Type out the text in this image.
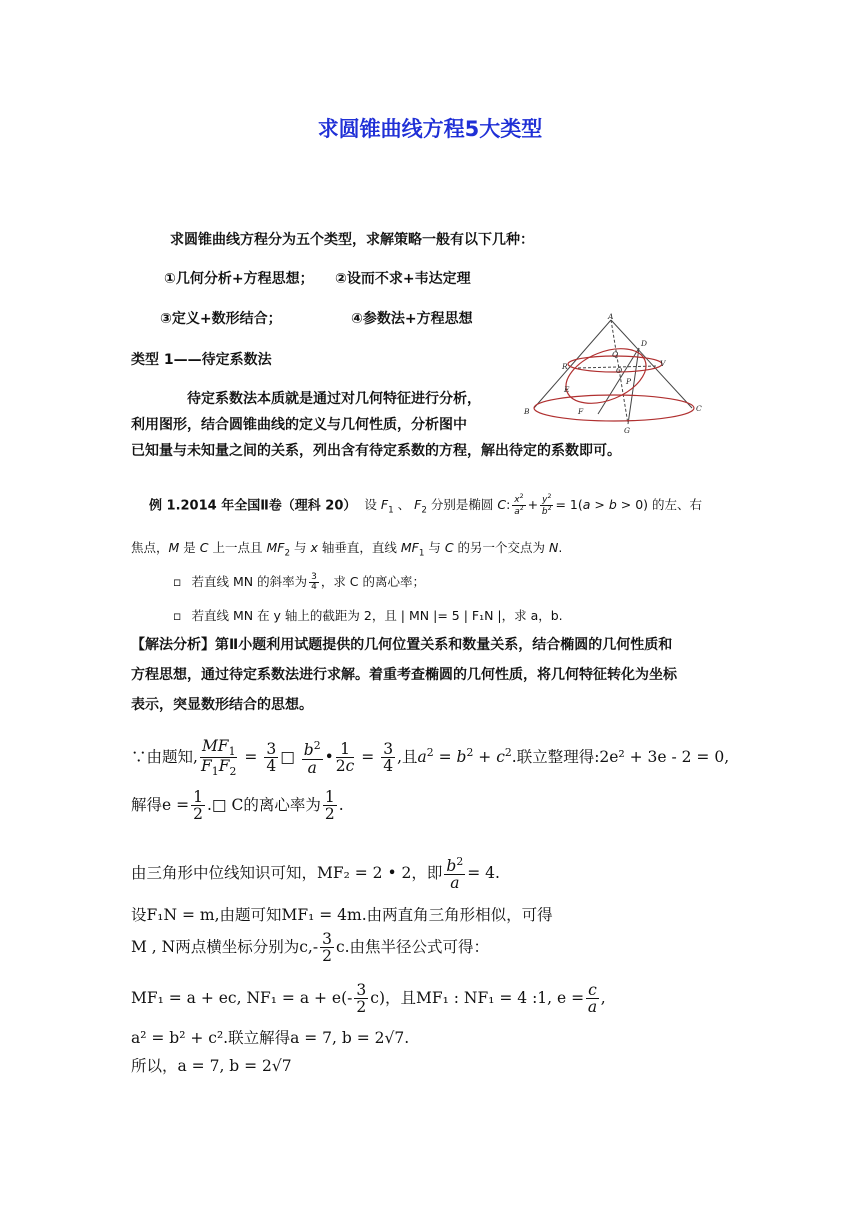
求圆锥曲线方程5大类型
求圆锥曲线方程分为五个类型，求解策略一般有以下几种：
①几何分析+方程思想； ②设而不求+韦达定理
③定义+数形结合；	④参数法+方程思想
类型 1——待定系数法
待定系数法本质就是通过对几何特征进行分析，
利用图形，结合圆锥曲线的定义与几何性质，分析图中
已知量与未知量之间的关系，列出含有待定系数的方程，解出待定的系数即可。
A
D
Q
V
R	O
P
E
B	F	C
G
例 1.2014 年全国Ⅱ卷（理科 20） 设 $F_1$ 、 $F_2$ 分别是椭圆 C: $\frac{x^2}{a^2} + \frac{y^2}{b^2} = 1(a > b > 0)$ 的左、右
焦点，M 是 C 上一点且 $MF_2$ 与 x 轴垂直，直线 $MF_1$ 与 C 的另一个交点为 N.
▫ 若直线 MN 的斜率为 $\frac{3}{4}$ ，求 C 的离心率；
▫ 若直线 MN 在 y 轴上的截距为 2，且 | MN |= 5 | F₁N |，求 a，b.
【解法分析】第Ⅱ小题利用试题提供的几何位置关系和数量关系，结合椭圆的几何性质和
方程思想，通过待定系数法进行求解。着重考查椭圆的几何性质，将几何特征转化为坐标
表示，突显数形结合的思想。
∵由题知, $\frac{MF_1}{F_1F_2} = \frac{3}{4}$ □ $\frac{b^2}{a}$ • $\frac{1}{2c} = \frac{3}{4}$ ,且$a^2 = b^2 + c^2$.联立整理得:2e² + 3e - 2 = 0,
解得$e = \frac{1}{2}$ .□ C的离心率为 $\frac{1}{2}$ .
由三角形中位线知识可知，MF₂ = 2 • 2，即 $\frac{b^2}{a} = 4$.
设F₁N = m,由题可知MF₁ = 4m.由两直角三角形相似，可得
M , N两点横坐标分别为$c,- \frac{3}{2} c$.由焦半径公式可得：
MF₁ = a + ec, $NF_1 = a + e(- \frac{3}{2} c)$，且MF₁ : NF₁ = 4 :1, $e = \frac{c}{a}$ ,
a² = b² + c².联立解得a = 7, b = 2√7.
所以，a = 7, b = 2√7
